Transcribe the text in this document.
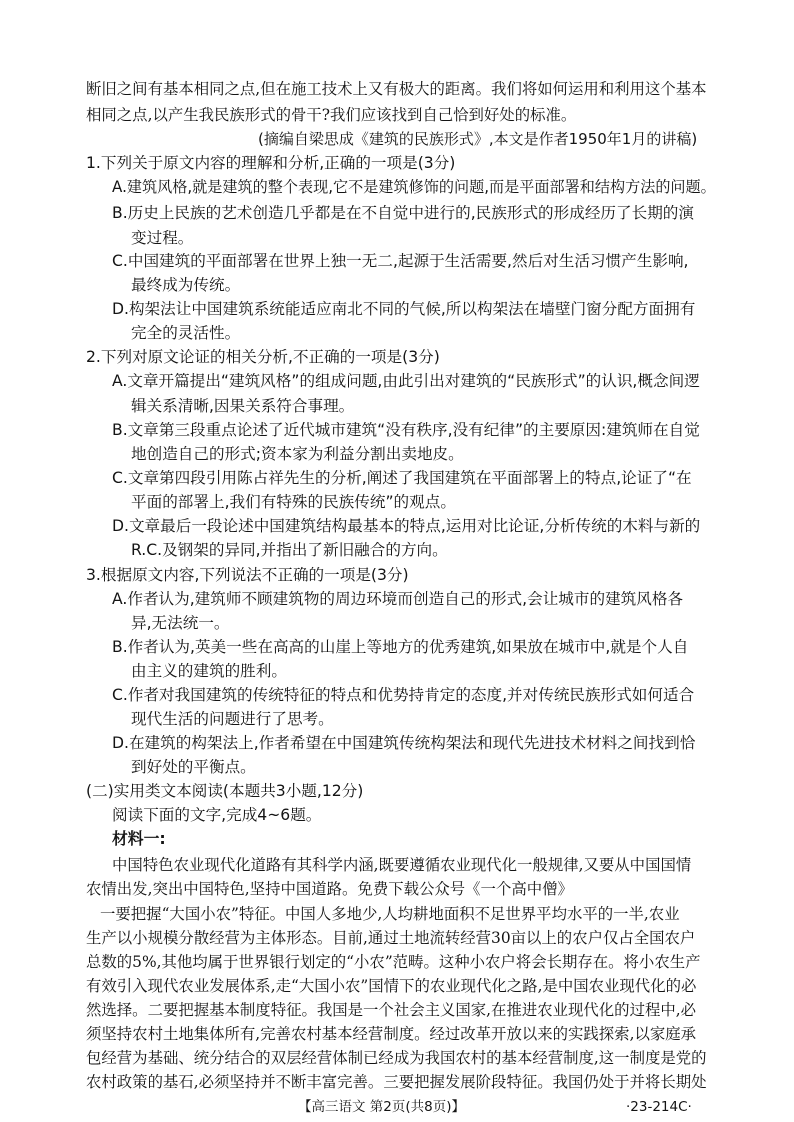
断旧之间有基本相同之点,但在施工技术上又有极大的距离。我们将如何运用和利用这个基本
相同之点,以产生我民族形式的骨干?我们应该找到自己恰到好处的标准。
(摘编自梁思成《建筑的民族形式》,本文是作者1950年1月的讲稿)
1.下列关于原文内容的理解和分析,正确的一项是(3分)
A.建筑风格,就是建筑的整个表现,它不是建筑修饰的问题,而是平面部署和结构方法的问题。
B.历史上民族的艺术创造几乎都是在不自觉中进行的,民族形式的形成经历了长期的演
变过程。
C.中国建筑的平面部署在世界上独一无二,起源于生活需要,然后对生活习惯产生影响,
最终成为传统。
D.构架法让中国建筑系统能适应南北不同的气候,所以构架法在墙壁门窗分配方面拥有
完全的灵活性。
2.下列对原文论证的相关分析,不正确的一项是(3分)
A.文章开篇提出“建筑风格”的组成问题,由此引出对建筑的“民族形式”的认识,概念间逻
辑关系清晰,因果关系符合事理。
B.文章第三段重点论述了近代城市建筑“没有秩序,没有纪律”的主要原因:建筑师在自觉
地创造自己的形式;资本家为利益分割出卖地皮。
C.文章第四段引用陈占祥先生的分析,阐述了我国建筑在平面部署上的特点,论证了“在
平面的部署上,我们有特殊的民族传统”的观点。
D.文章最后一段论述中国建筑结构最基本的特点,运用对比论证,分析传统的木料与新的
R.C.及钢架的异同,并指出了新旧融合的方向。
3.根据原文内容,下列说法不正确的一项是(3分)
A.作者认为,建筑师不顾建筑物的周边环境而创造自己的形式,会让城市的建筑风格各
异,无法统一。
B.作者认为,英美一些在高高的山崖上等地方的优秀建筑,如果放在城市中,就是个人自
由主义的建筑的胜利。
C.作者对我国建筑的传统特征的特点和优势持肯定的态度,并对传统民族形式如何适合
现代生活的问题进行了思考。
D.在建筑的构架法上,作者希望在中国建筑传统构架法和现代先进技术材料之间找到恰
到好处的平衡点。
(二)实用类文本阅读(本题共3小题,12分)
阅读下面的文字,完成4~6题。
材料一:
中国特色农业现代化道路有其科学内涵,既要遵循农业现代化一般规律,又要从中国国情
农情出发,突出中国特色,坚持中国道路。免费下载公众号《一个高中僧》
一要把握“大国小农”特征。中国人多地少,人均耕地面积不足世界平均水平的一半,农业
生产以小规模分散经营为主体形态。目前,通过土地流转经营30亩以上的农户仅占全国农户
总数的5%,其他均属于世界银行划定的“小农”范畴。这种小农户将会长期存在。将小农生产
有效引入现代农业发展体系,走“大国小农”国情下的农业现代化之路,是中国农业现代化的必
然选择。二要把握基本制度特征。我国是一个社会主义国家,在推进农业现代化的过程中,必
须坚持农村土地集体所有,完善农村基本经营制度。经过改革开放以来的实践探索,以家庭承
包经营为基础、统分结合的双层经营体制已经成为我国农村的基本经营制度,这一制度是党的
农村政策的基石,必须坚持并不断丰富完善。三要把握发展阶段特征。我国仍处于并将长期处
【高三语文 第2页(共8页)】	·23-214C·
